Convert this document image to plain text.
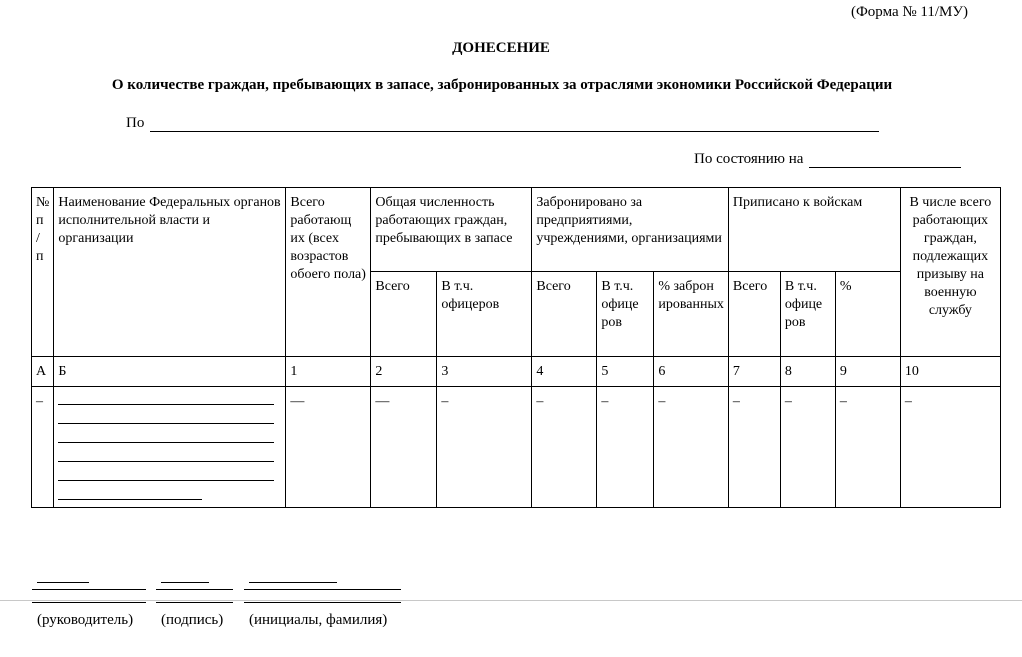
(Форма № 11/МУ)
ДОНЕСЕНИЕ
О количестве граждан, пребывающих в запасе, забронированных за отраслями экономики Российской Федерации
По
По состоянию на
№ п / п	Наименование Федеральных органов исполнительной власти и организации	Всего работающ их (всех возрастов обоего пола)	Общая численность работающих граждан, пребывающих в запасе		Забронировано за предприятиями, учреждениями, организациями			Приписано к войскам			В числе всего работающих граждан, подлежащих призыву на военную службу
			Всего	В т.ч. офицеров	Всего	В т.ч. офице ров	% заброн ированных	Всего	В т.ч. офице ров	%	
А	Б	1	2	3	4	5	6	7	8	9	10
–		—	—	–	–	–	–	–	–	–	–
(руководитель) (подпись) (инициалы, фамилия)
